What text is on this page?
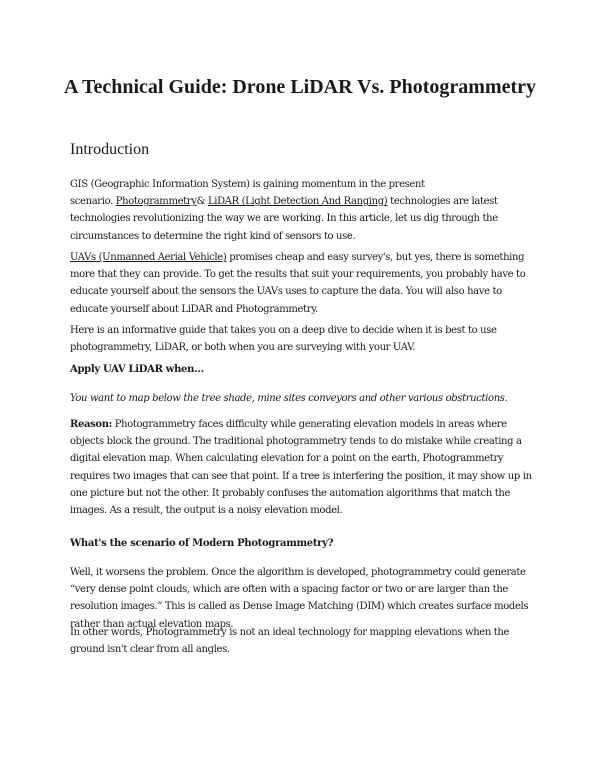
A Technical Guide: Drone LiDAR Vs. Photogrammetry
Introduction
GIS (Geographic Information System) is gaining momentum in the present
scenario. Photogrammetry& LiDAR (Light Detection And Ranging) technologies are latest technologies revolutionizing the way we are working. In this article, let us dig through the circumstances to determine the right kind of sensors to use.
UAVs (Unmanned Aerial Vehicle) promises cheap and easy survey's, but yes, there is something more that they can provide. To get the results that suit your requirements, you probably have to educate yourself about the sensors the UAVs uses to capture the data. You will also have to educate yourself about LiDAR and Photogrammetry.
Here is an informative guide that takes you on a deep dive to decide when it is best to use photogrammetry, LiDAR, or both when you are surveying with your UAV.
Apply UAV LiDAR when…
You want to map below the tree shade, mine sites conveyors and other various obstructions.
Reason: Photogrammetry faces difficulty while generating elevation models in areas where objects block the ground. The traditional photogrammetry tends to do mistake while creating a digital elevation map. When calculating elevation for a point on the earth, Photogrammetry requires two images that can see that point. If a tree is interfering the position, it may show up in one picture but not the other. It probably confuses the automation algorithms that match the images. As a result, the output is a noisy elevation model.
What's the scenario of Modern Photogrammetry?
Well, it worsens the problem. Once the algorithm is developed, photogrammetry could generate “very dense point clouds, which are often with a spacing factor or two or are larger than the resolution images.” This is called as Dense Image Matching (DIM) which creates surface models rather than actual elevation maps.
In other words, Photogrammetry is not an ideal technology for mapping elevations when the ground isn't clear from all angles.
